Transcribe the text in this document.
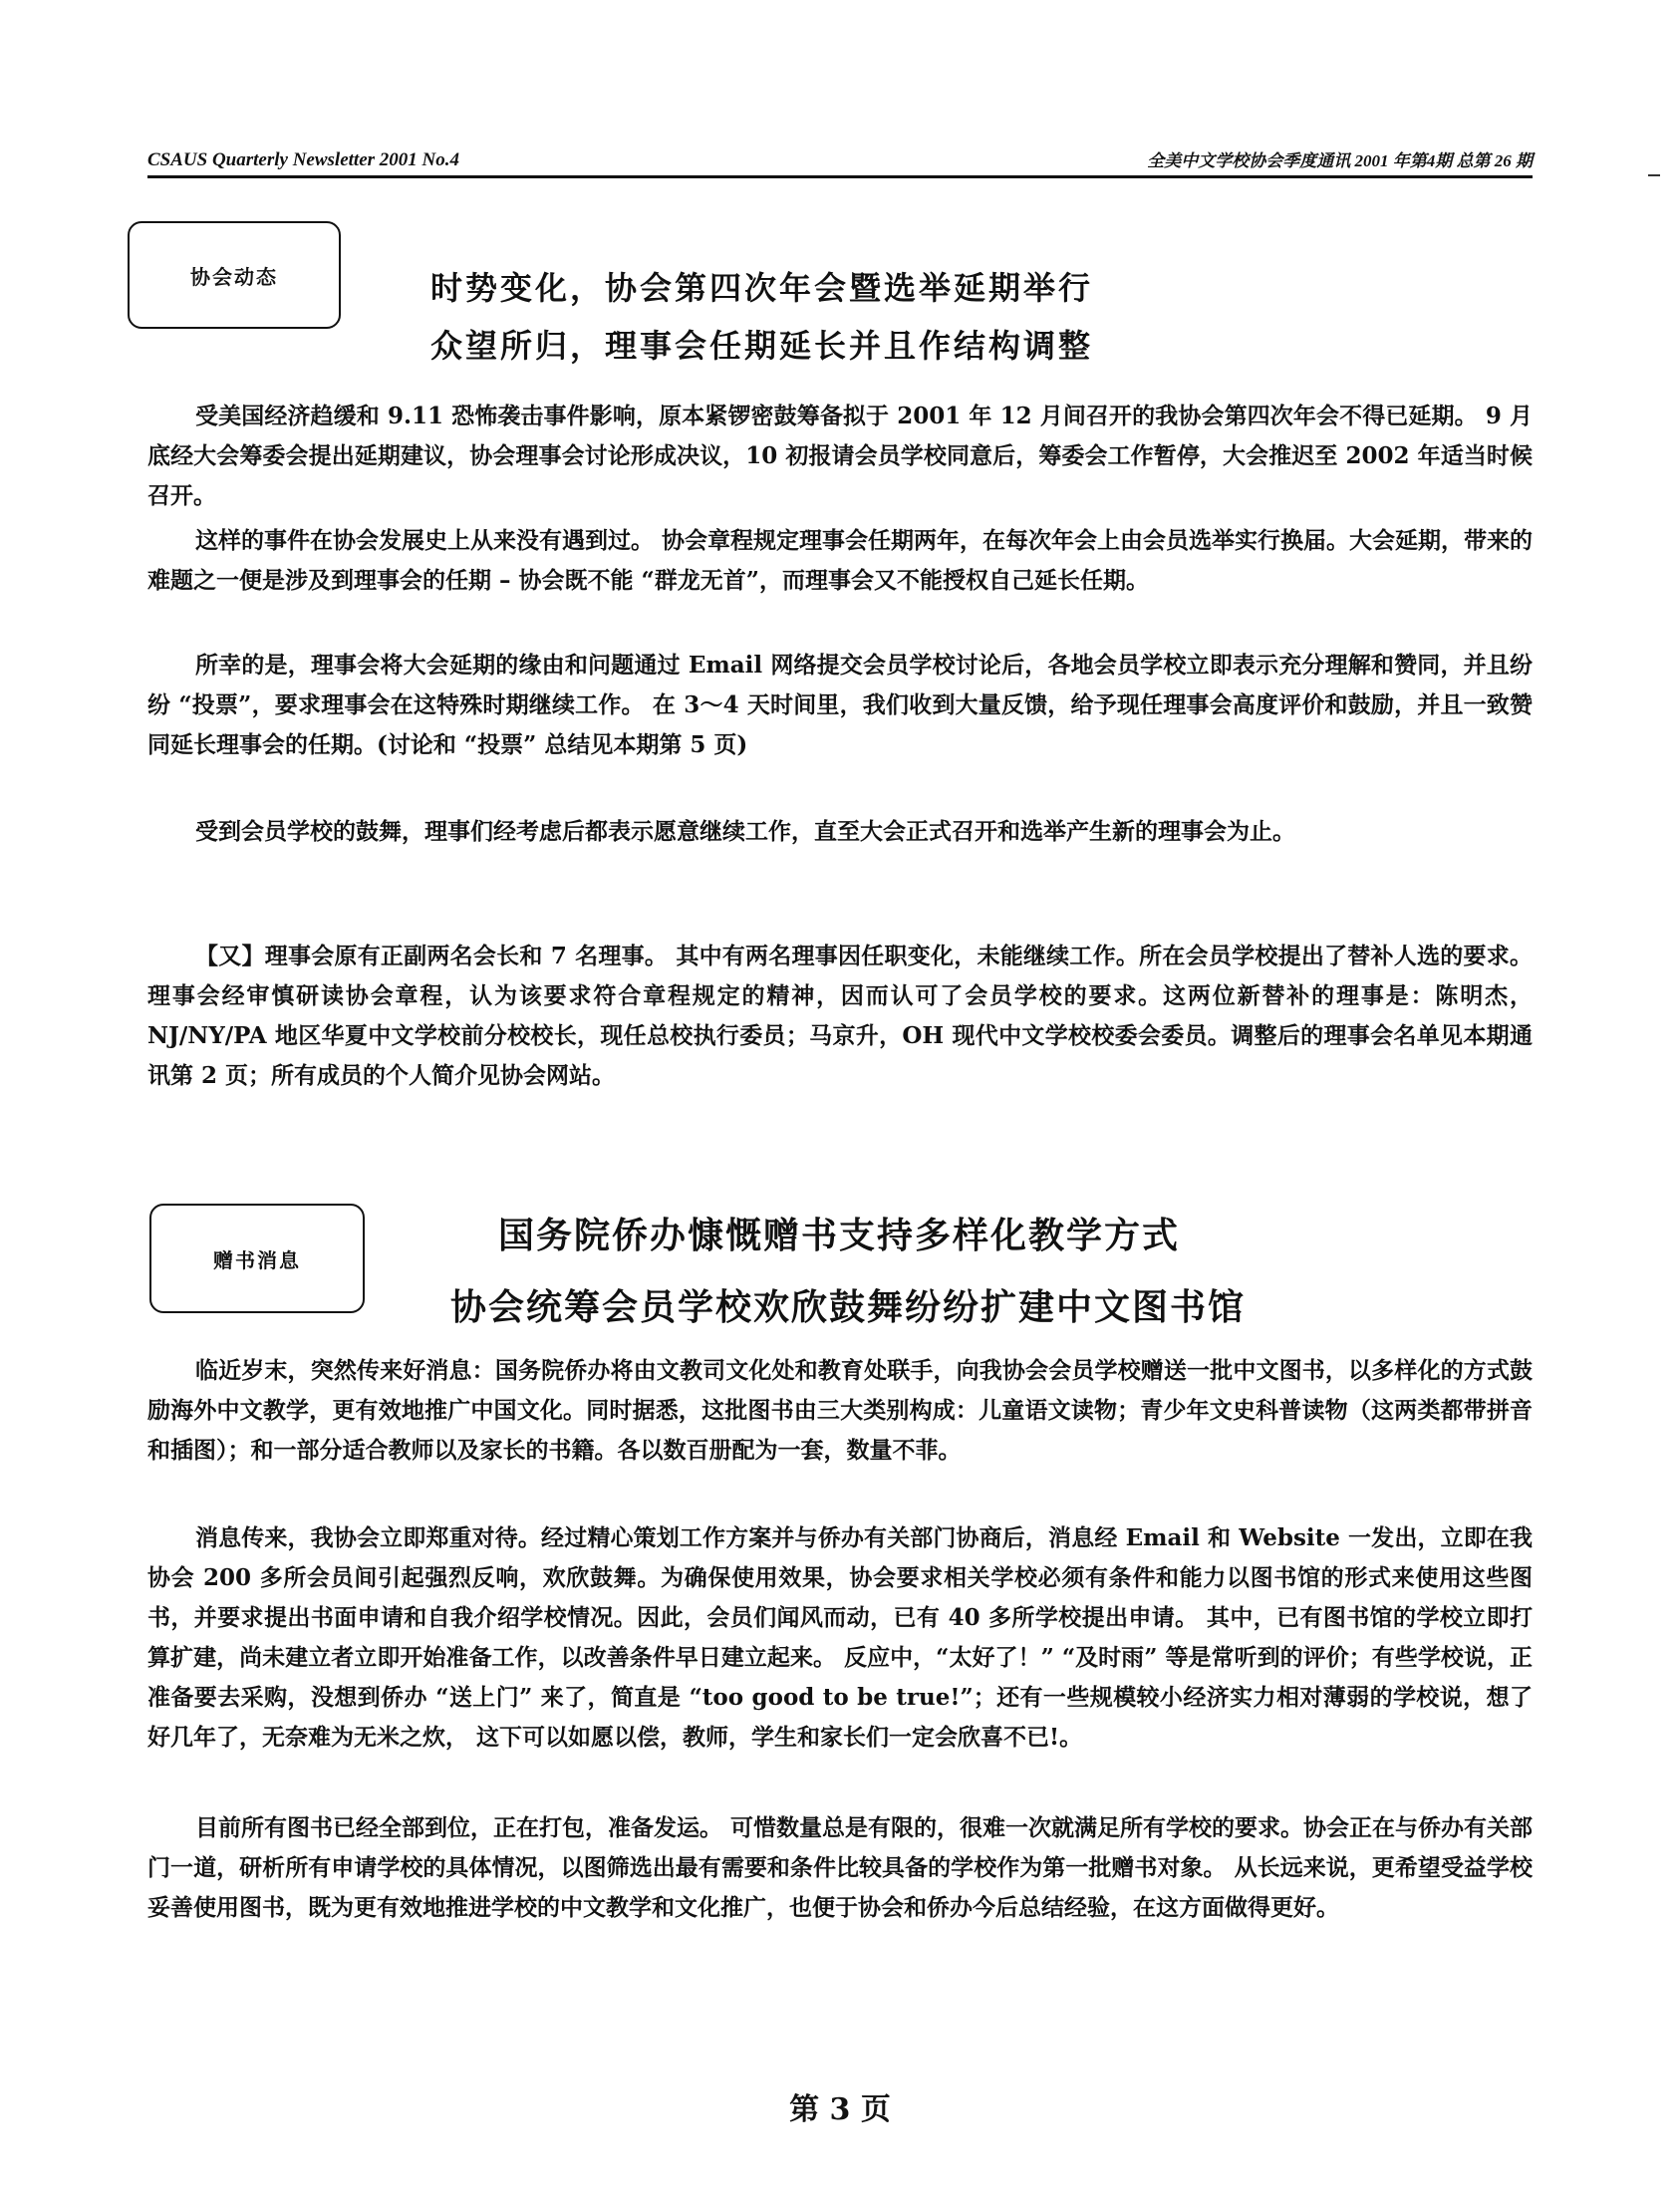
CSAUS Quarterly Newsletter 2001 No.4	全美中文学校协会季度通讯 2001 年第4期 总第 26 期
协会动态	时势变化，协会第四次年会暨选举延期举行
众望所归，理事会任期延长并且作结构调整

受美国经济趋缓和 9.11 恐怖袭击事件影响，原本紧锣密鼓筹备拟于 2001 年 12 月间召开的我协会第四次年会不得已延期。 9 月底经大会筹委会提出延期建议，协会理事会讨论形成决议，10 初报请会员学校同意后，筹委会工作暂停，大会推迟至 2002 年适当时候召开。

这样的事件在协会发展史上从来没有遇到过。 协会章程规定理事会任期两年，在每次年会上由会员选举实行换届。大会延期，带来的难题之一便是涉及到理事会的任期 – 协会既不能 “群龙无首”，而理事会又不能授权自己延长任期。

所幸的是，理事会将大会延期的缘由和问题通过 Email 网络提交会员学校讨论后，各地会员学校立即表示充分理解和赞同，并且纷纷 “投票”，要求理事会在这特殊时期继续工作。 在 3～4 天时间里，我们收到大量反馈，给予现任理事会高度评价和鼓励，并且一致赞同延长理事会的任期。(讨论和 “投票” 总结见本期第 5 页)

受到会员学校的鼓舞，理事们经考虑后都表示愿意继续工作，直至大会正式召开和选举产生新的理事会为止。

【又】理事会原有正副两名会长和 7 名理事。 其中有两名理事因任职变化，未能继续工作。所在会员学校提出了替补人选的要求。理事会经审慎研读协会章程，认为该要求符合章程规定的精神，因而认可了会员学校的要求。这两位新替补的理事是：陈明杰，NJ/NY/PA 地区华夏中文学校前分校校长，现任总校执行委员；马京升，OH 现代中文学校校委会委员。调整后的理事会名单见本期通讯第 2 页；所有成员的个人简介见协会网站。

赠书消息
国务院侨办慷慨赠书支持多样化教学方式
协会统筹会员学校欢欣鼓舞纷纷扩建中文图书馆

临近岁末，突然传来好消息：国务院侨办将由文教司文化处和教育处联手，向我协会会员学校赠送一批中文图书，以多样化的方式鼓励海外中文教学，更有效地推广中国文化。同时据悉，这批图书由三大类别构成：儿童语文读物；青少年文史科普读物（这两类都带拼音和插图）；和一部分适合教师以及家长的书籍。各以数百册配为一套，数量不菲。

消息传来，我协会立即郑重对待。经过精心策划工作方案并与侨办有关部门协商后，消息经 Email 和 Website 一发出，立即在我协会 200 多所会员间引起强烈反响，欢欣鼓舞。为确保使用效果，协会要求相关学校必须有条件和能力以图书馆的形式来使用这些图书，并要求提出书面申请和自我介绍学校情况。因此，会员们闻风而动，已有 40 多所学校提出申请。 其中，已有图书馆的学校立即打算扩建，尚未建立者立即开始准备工作，以改善条件早日建立起来。 反应中，“太好了！” “及时雨” 等是常听到的评价；有些学校说，正准备要去采购，没想到侨办 “送上门” 来了，简直是 “too good to be true!”；还有一些规模较小经济实力相对薄弱的学校说，想了好几年了，无奈难为无米之炊， 这下可以如愿以偿，教师，学生和家长们一定会欣喜不已!。

目前所有图书已经全部到位，正在打包，准备发运。 可惜数量总是有限的，很难一次就满足所有学校的要求。协会正在与侨办有关部门一道，研析所有申请学校的具体情况，以图筛选出最有需要和条件比较具备的学校作为第一批赠书对象。 从长远来说，更希望受益学校妥善使用图书，既为更有效地推进学校的中文教学和文化推广，也便于协会和侨办今后总结经验，在这方面做得更好。

第 3 页
